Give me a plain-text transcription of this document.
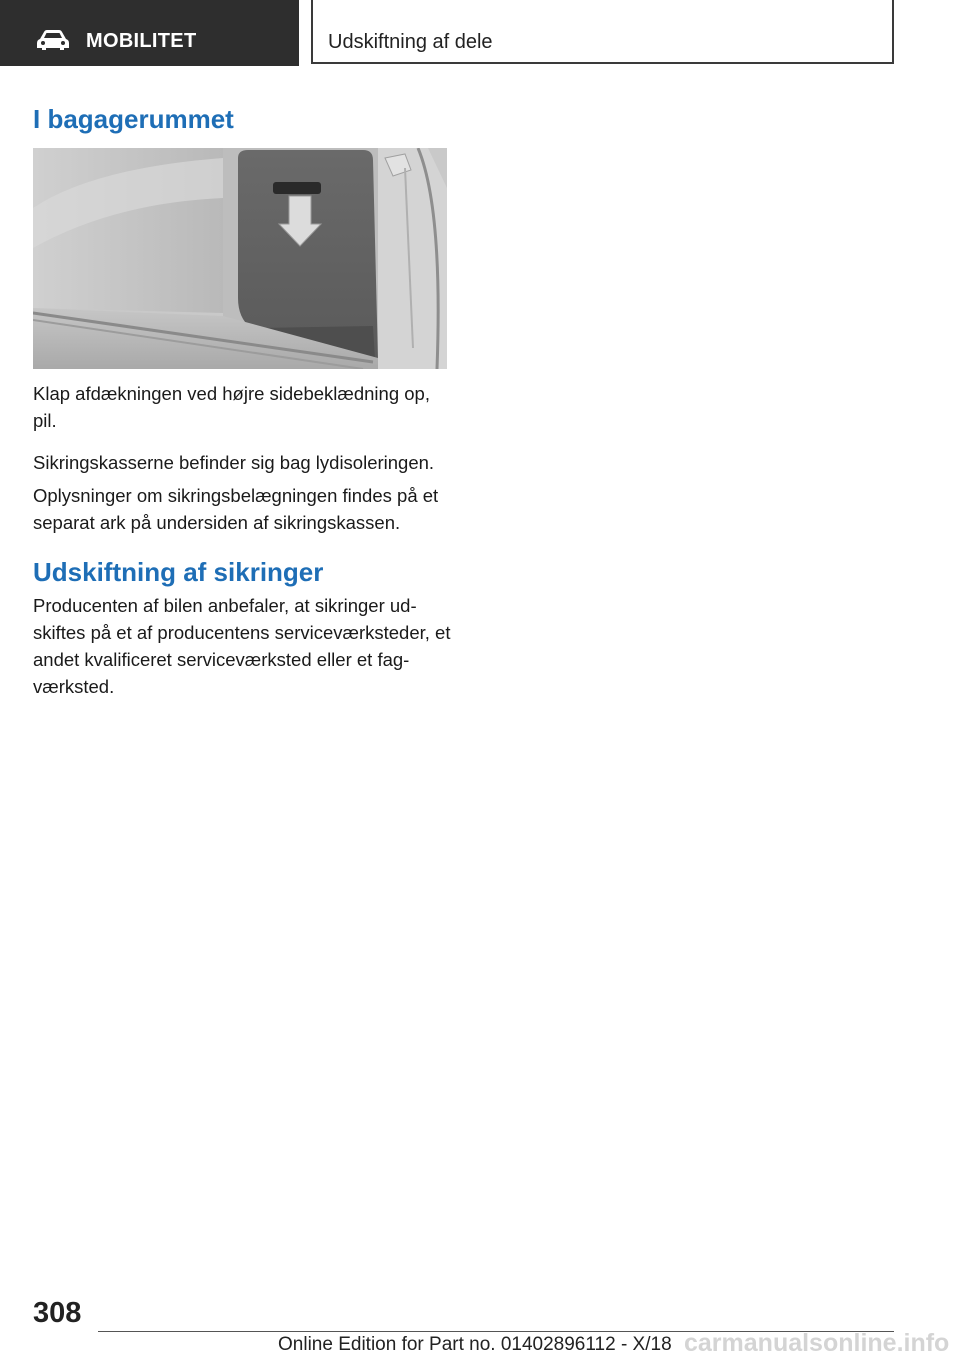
MOBILITET	Udskiftning af dele
I bagagerummet

Klap afdækningen ved højre sidebeklædning op, pil.

Sikringskasserne befinder sig bag lydisoleringen.

Oplysninger om sikringsbelægningen findes på et separat ark på undersiden af sikringskassen.

Udskiftning af sikringer

Producenten af bilen anbefaler, at sikringer udskiftes på et af producentens serviceværksteder, et andet kvalificeret serviceværksted eller et fagværksted.

308
Online Edition for Part no. 01402896112 - X/18 carmanualsonline.info
